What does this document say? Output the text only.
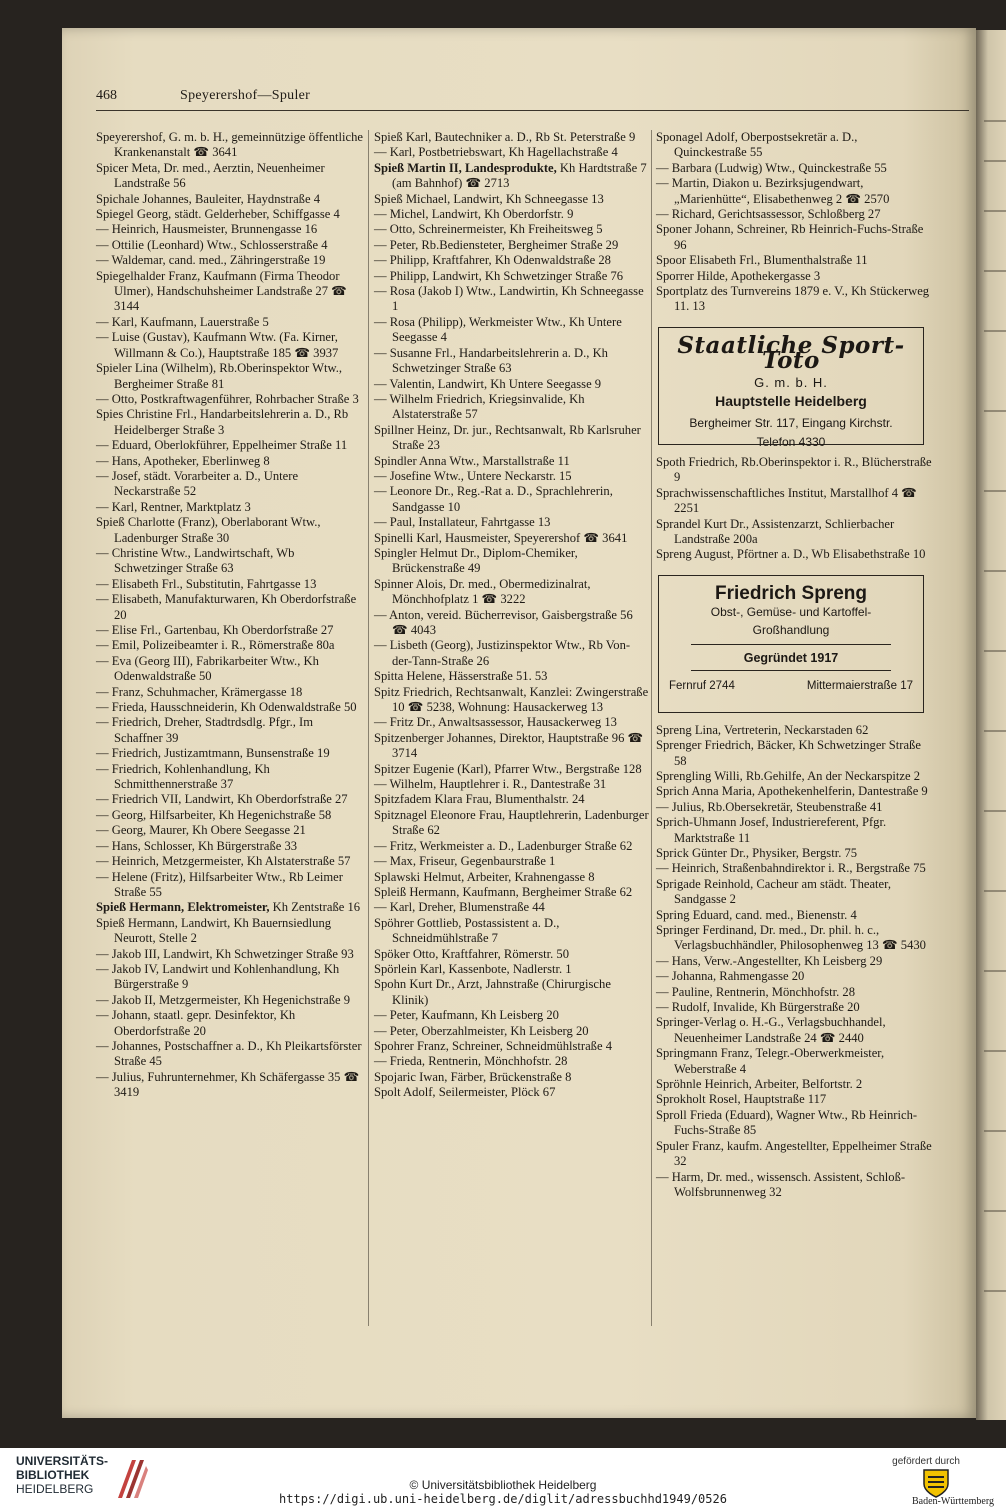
468	Speyerershof—Spuler

Speyerershof, G. m. b. H., gemeinnützige öffentliche Krankenanstalt ☎ 3641

Spicer Meta, Dr. med., Aerztin, Neuenheimer Landstraße 56

Spichale Johannes, Bauleiter, Haydnstraße 4

Spiegel Georg, städt. Gelderheber, Schiffgasse 4

— Heinrich, Hausmeister, Brunnengasse 16

— Ottilie (Leonhard) Wtw., Schlosserstraße 4

— Waldemar, cand. med., Zähringerstraße 19

Spiegelhalder Franz, Kaufmann (Firma Theodor Ulmer), Handschuhsheimer Landstraße 27 ☎ 3144

— Karl, Kaufmann, Lauerstraße 5

— Luise (Gustav), Kaufmann Wtw. (Fa. Kirner, Willmann & Co.), Hauptstraße 185 ☎ 3937

Spieler Lina (Wilhelm), Rb.Oberinspektor Wtw., Bergheimer Straße 81

— Otto, Postkraftwagenführer, Rohrbacher Straße 3

Spies Christine Frl., Handarbeitslehrerin a. D., Rb Heidelberger Straße 3

— Eduard, Oberlokführer, Eppelheimer Straße 11

— Hans, Apotheker, Eberlinweg 8

— Josef, städt. Vorarbeiter a. D., Untere Neckarstraße 52

— Karl, Rentner, Marktplatz 3

Spieß Charlotte (Franz), Oberlaborant Wtw., Ladenburger Straße 30

— Christine Wtw., Landwirtschaft, Wb Schwetzinger Straße 63

— Elisabeth Frl., Substitutin, Fahrtgasse 13

— Elisabeth, Manufakturwaren, Kh Oberdorfstraße 20

— Elise Frl., Gartenbau, Kh Oberdorfstraße 27

— Emil, Polizeibeamter i. R., Römerstraße 80a

— Eva (Georg III), Fabrikarbeiter Wtw., Kh Odenwaldstraße 50

— Franz, Schuhmacher, Krämergasse 18

— Frieda, Hausschneiderin, Kh Odenwaldstraße 50

— Friedrich, Dreher, Stadtrdsdlg. Pfgr., Im Schaffner 39

— Friedrich, Justizamtmann, Bunsenstraße 19

— Friedrich, Kohlenhandlung, Kh Schmitthennerstraße 37

— Friedrich VII, Landwirt, Kh Oberdorfstraße 27

— Georg, Hilfsarbeiter, Kh Hegenichstraße 58

— Georg, Maurer, Kh Obere Seegasse 21

— Hans, Schlosser, Kh Bürgerstraße 33

— Heinrich, Metzgermeister, Kh Alstaterstraße 57

— Helene (Fritz), Hilfsarbeiter Wtw., Rb Leimer Straße 55

Spieß Hermann, Elektromeister, Kh Zentstraße 16

Spieß Hermann, Landwirt, Kh Bauernsiedlung Neurott, Stelle 2

— Jakob III, Landwirt, Kh Schwetzinger Straße 93

— Jakob IV, Landwirt und Kohlenhandlung, Kh Bürgerstraße 9

— Jakob II, Metzgermeister, Kh Hegenichstraße 9

— Johann, staatl. gepr. Desinfektor, Kh Oberdorfstraße 20

— Johannes, Postschaffner a. D., Kh Pleikartsförster Straße 45

— Julius, Fuhrunternehmer, Kh Schäfergasse 35 ☎ 3419

Spieß Karl, Bautechniker a. D., Rb St. Peterstraße 9

— Karl, Postbetriebswart, Kh Hagellachstraße 4

Spieß Martin II, Landesprodukte, Kh Hardtstraße 7 (am Bahnhof) ☎ 2713

Spieß Michael, Landwirt, Kh Schneegasse 13

— Michel, Landwirt, Kh Oberdorfstr. 9

— Otto, Schreinermeister, Kh Freiheitsweg 5

— Peter, Rb.Bediensteter, Bergheimer Straße 29

— Philipp, Kraftfahrer, Kh Odenwaldstraße 28

— Philipp, Landwirt, Kh Schwetzinger Straße 76

— Rosa (Jakob I) Wtw., Landwirtin, Kh Schneegasse 1

— Rosa (Philipp), Werkmeister Wtw., Kh Untere Seegasse 4

— Susanne Frl., Handarbeitslehrerin a. D., Kh Schwetzinger Straße 63

— Valentin, Landwirt, Kh Untere Seegasse 9

— Wilhelm Friedrich, Kriegsinvalide, Kh Alstaterstraße 57

Spillner Heinz, Dr. jur., Rechtsanwalt, Rb Karlsruher Straße 23

Spindler Anna Wtw., Marstallstraße 11

— Josefine Wtw., Untere Neckarstr. 15

— Leonore Dr., Reg.-Rat a. D., Sprachlehrerin, Sandgasse 10

— Paul, Installateur, Fahrtgasse 13

Spinelli Karl, Hausmeister, Speyerershof ☎ 3641

Spingler Helmut Dr., Diplom-Chemiker, Brückenstraße 49

Spinner Alois, Dr. med., Obermedizinalrat, Mönchhofplatz 1 ☎ 3222

— Anton, vereid. Bücherrevisor, Gaisbergstraße 56 ☎ 4043

— Lisbeth (Georg), Justizinspektor Wtw., Rb Von-der-Tann-Straße 26

Spitta Helene, Hässerstraße 51. 53

Spitz Friedrich, Rechtsanwalt, Kanzlei: Zwingerstraße 10 ☎ 5238, Wohnung: Hausackerweg 13

— Fritz Dr., Anwaltsassessor, Hausackerweg 13

Spitzenberger Johannes, Direktor, Hauptstraße 96 ☎ 3714

Spitzer Eugenie (Karl), Pfarrer Wtw., Bergstraße 128

— Wilhelm, Hauptlehrer i. R., Dantestraße 31

Spitzfadem Klara Frau, Blumenthalstr. 24

Spitznagel Eleonore Frau, Hauptlehrerin, Ladenburger Straße 62

— Fritz, Werkmeister a. D., Ladenburger Straße 62

— Max, Friseur, Gegenbaurstraße 1

Splawski Helmut, Arbeiter, Krahnengasse 8

Spleiß Hermann, Kaufmann, Bergheimer Straße 62

— Karl, Dreher, Blumenstraße 44

Spöhrer Gottlieb, Postassistent a. D., Schneidmühlstraße 7

Spöker Otto, Kraftfahrer, Römerstr. 50

Spörlein Karl, Kassenbote, Nadlerstr. 1

Spohn Kurt Dr., Arzt, Jahnstraße (Chirurgische Klinik)

— Peter, Kaufmann, Kh Leisberg 20

— Peter, Oberzahlmeister, Kh Leisberg 20

Spohrer Franz, Schreiner, Schneidmühlstraße 4

— Frieda, Rentnerin, Mönchhofstr. 28

Spojaric Iwan, Färber, Brückenstraße 8

Spolt Adolf, Seilermeister, Plöck 67

Sponagel Adolf, Oberpostsekretär a. D., Quinckestraße 55

— Barbara (Ludwig) Wtw., Quinckestraße 55

— Martin, Diakon u. Bezirksjugendwart, „Marienhütte“, Elisabethenweg 2 ☎ 2570

— Richard, Gerichtsassessor, Schloßberg 27

Sponer Johann, Schreiner, Rb Heinrich-Fuchs-Straße 96

Spoor Elisabeth Frl., Blumenthalstraße 11

Sporrer Hilde, Apothekergasse 3

Sportplatz des Turnvereins 1879 e. V., Kh Stückerweg 11. 13

Staatliche Sport-Toto
G. m. b. H.
Hauptstelle Heidelberg
Bergheimer Str. 117, Eingang Kirchstr.
Telefon 4330

Spoth Friedrich, Rb.Oberinspektor i. R., Blücherstraße 9

Sprachwissenschaftliches Institut, Marstallhof 4 ☎ 2251

Sprandel Kurt Dr., Assistenzarzt, Schlierbacher Landstraße 200a

Spreng August, Pförtner a. D., Wb Elisabethstraße 10

Friedrich Spreng
Obst-, Gemüse- und Kartoffel-
Großhandlung
Gegründet 1917
Fernruf 2744	Mittermaierstraße 17

Spreng Lina, Vertreterin, Neckarstaden 62

Sprenger Friedrich, Bäcker, Kh Schwetzinger Straße 58

Sprengling Willi, Rb.Gehilfe, An der Neckarspitze 2

Sprich Anna Maria, Apothekenhelferin, Dantestraße 9

— Julius, Rb.Obersekretär, Steubenstraße 41

Sprich-Uhmann Josef, Industriereferent, Pfgr. Marktstraße 11

Sprick Günter Dr., Physiker, Bergstr. 75

— Heinrich, Straßenbahndirektor i. R., Bergstraße 75

Sprigade Reinhold, Cacheur am städt. Theater, Sandgasse 2

Spring Eduard, cand. med., Bienenstr. 4

Springer Ferdinand, Dr. med., Dr. phil. h. c., Verlagsbuchhändler, Philosophenweg 13 ☎ 5430

— Hans, Verw.-Angestellter, Kh Leisberg 29

— Johanna, Rahmengasse 20

— Pauline, Rentnerin, Mönchhofstr. 28

— Rudolf, Invalide, Kh Bürgerstraße 20

Springer-Verlag o. H.-G., Verlagsbuchhandel, Neuenheimer Landstraße 24 ☎ 2440

Springmann Franz, Telegr.-Oberwerkmeister, Weberstraße 4

Spröhnle Heinrich, Arbeiter, Belfortstr. 2

Sprokholt Rosel, Hauptstraße 117

Sproll Frieda (Eduard), Wagner Wtw., Rb Heinrich-Fuchs-Straße 85

Spuler Franz, kaufm. Angestellter, Eppelheimer Straße 32

— Harm, Dr. med., wissensch. Assistent, Schloß-Wolfsbrunnenweg 32

UNIVERSITÄTS-
BIBLIOTHEK
HEIDELBERG	© Universitätsbibliothek Heidelberg
https://digi.ub.uni-heidelberg.de/diglit/adressbuchhd1949/0526
gefördert durch
Baden-Württemberg
